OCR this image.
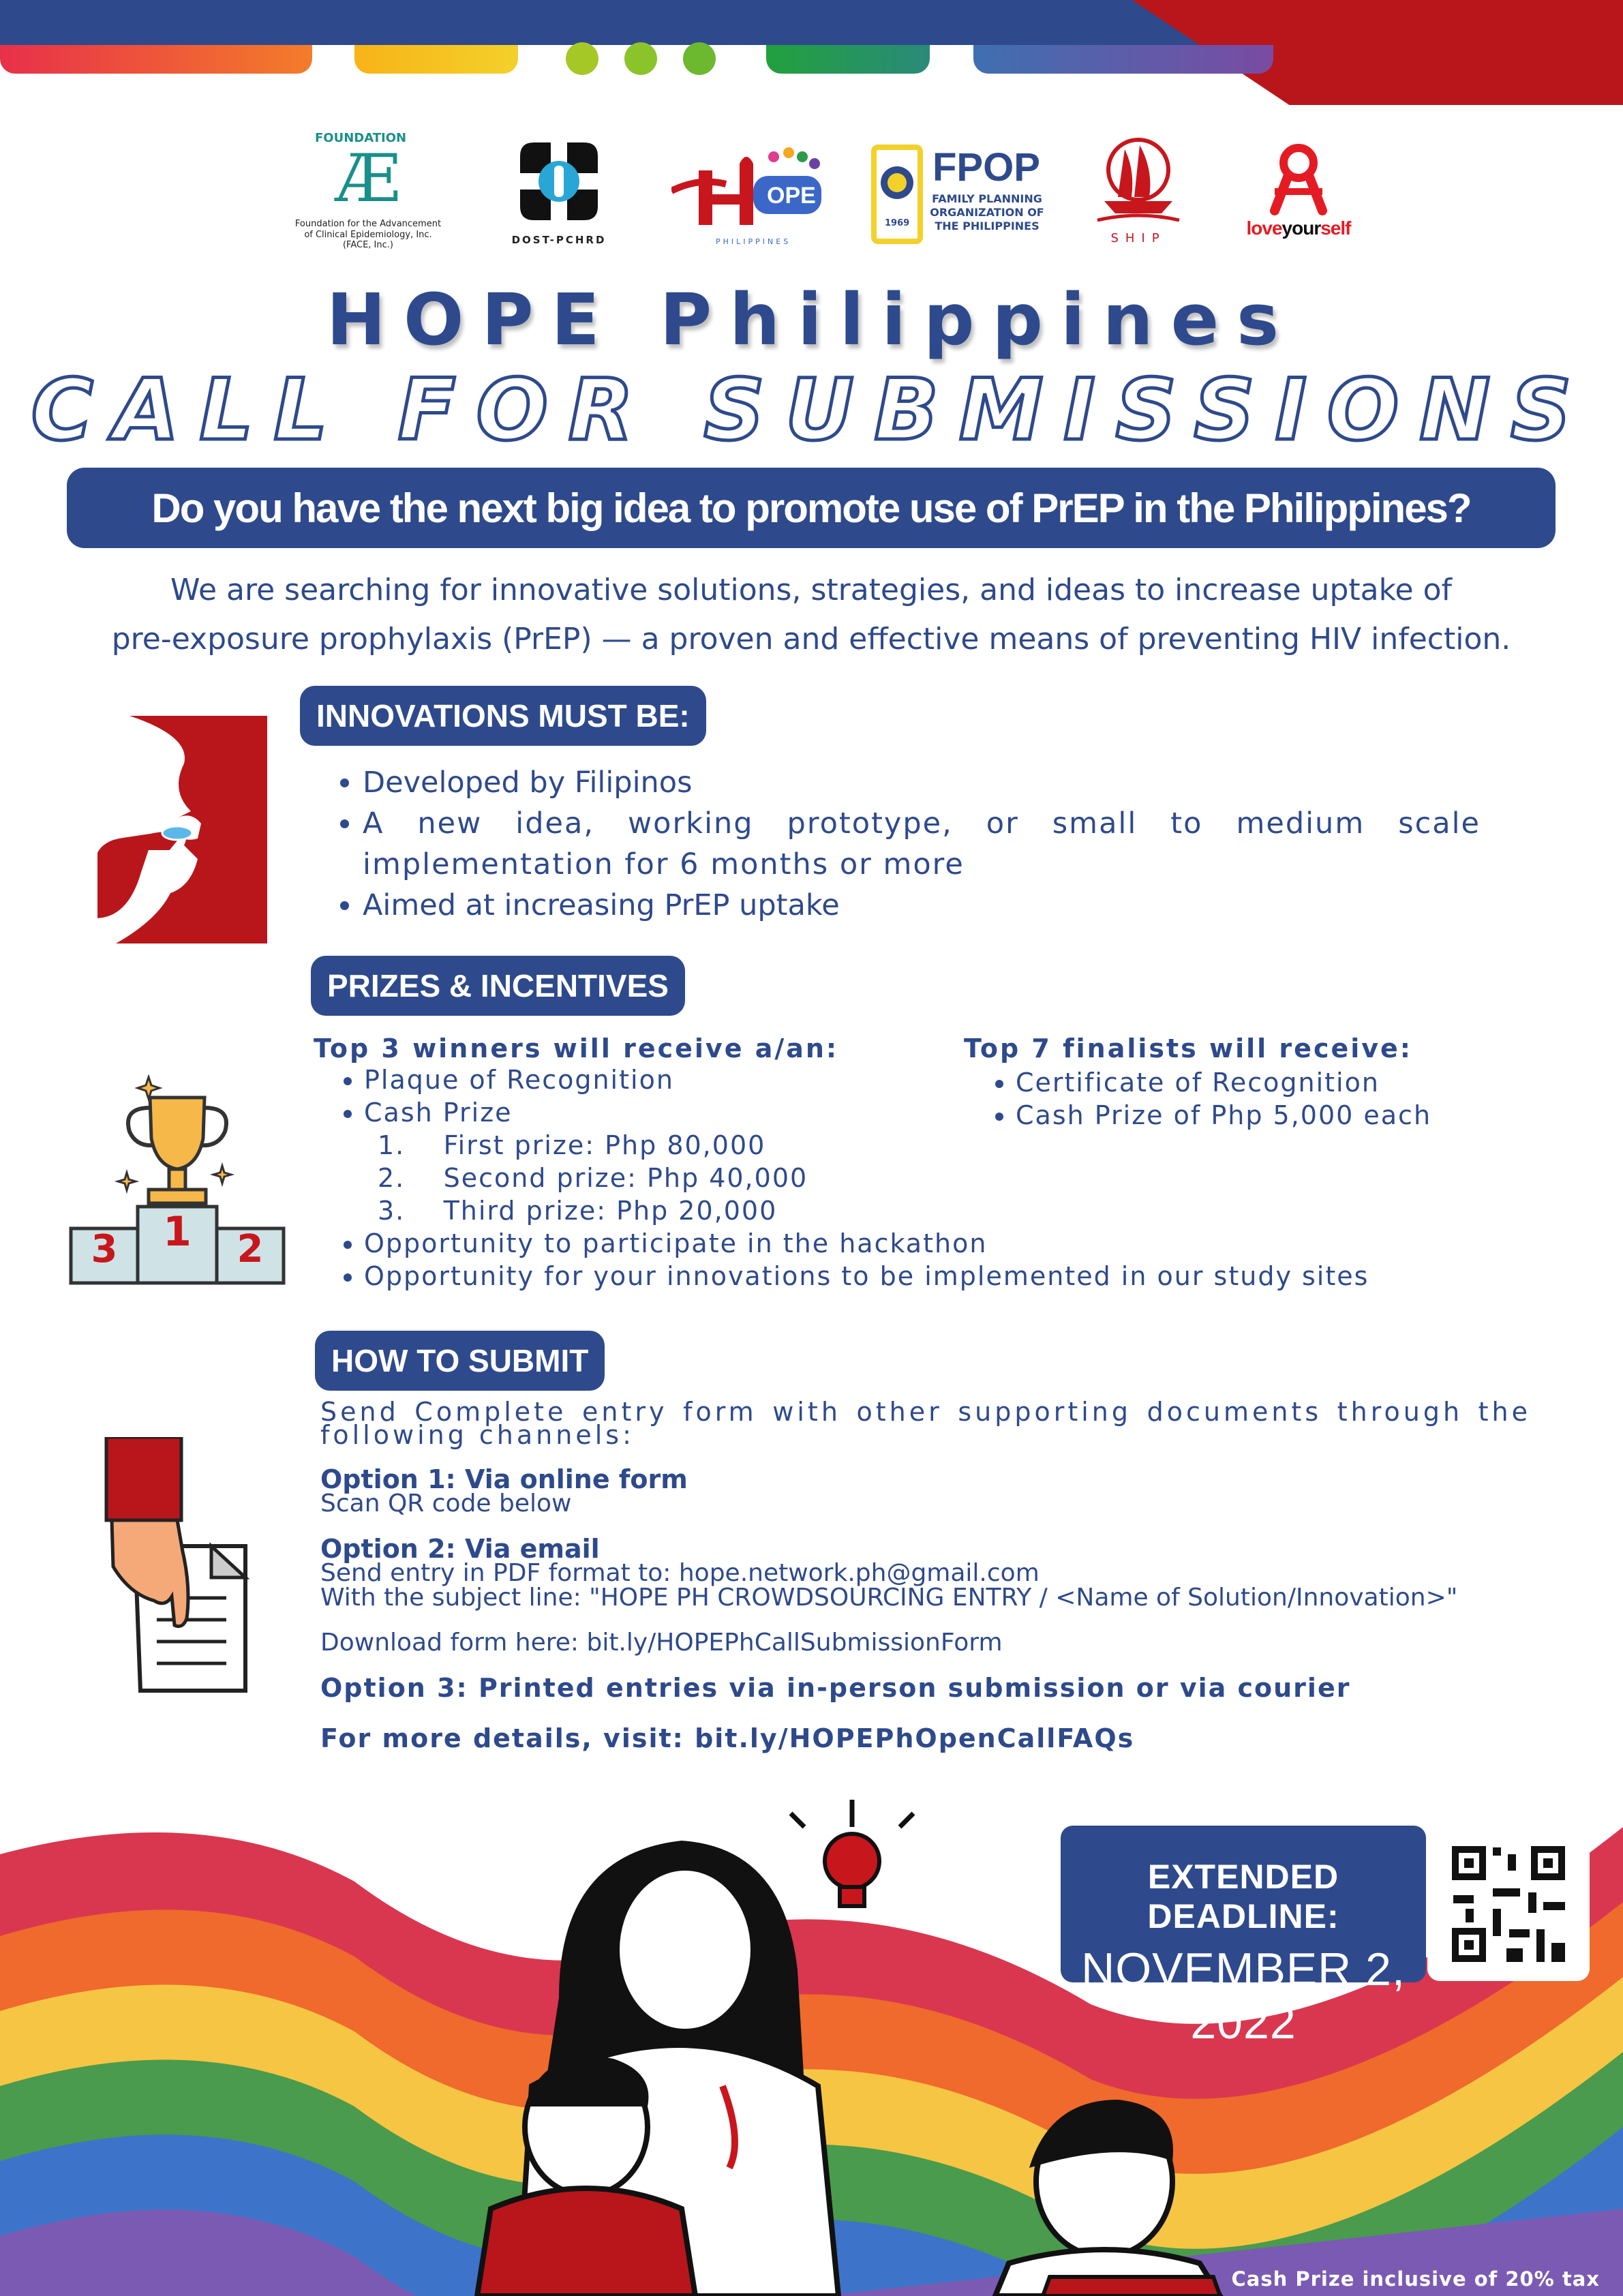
FOUNDATION
Æ
Foundation for the Advancement of Clinical Epidemiology, Inc. (FACE, Inc.)	DOST-PCHRD
OPE
PHILIPPINES
1969
FPOP
FAMILY PLANNING ORGANIZATION OF THE PHILIPPINES
SHIP	loveyourself
HOPE Philippines
CALL FOR SUBMISSIONS
Do you have the next big idea to promote use of PrEP in the Philippines?
We are searching for innovative solutions, strategies, and ideas to increase uptake of
pre-exposure prophylaxis (PrEP) — a proven and effective means of preventing HIV infection.
INNOVATIONS MUST BE:
• Developed by Filipinos
• A new idea, working prototype, or small to medium scale implementation for 6 months or more
• Aimed at increasing PrEP uptake
3	1	2
PRIZES & INCENTIVES
Top 3 winners will receive a/an:
• Plaque of Recognition
• Cash Prize
1.    First prize: Php 80,000
2.    Second prize: Php 40,000
3.    Third prize: Php 20,000
• Opportunity to participate in the hackathon
• Opportunity for your innovations to be implemented in our study sites
Top 7 finalists will receive:
• Certificate of Recognition
• Cash Prize of Php 5,000 each
HOW TO SUBMIT
Send Complete entry form with other supporting documents through the following channels:
Option 1: Via online form
Scan QR code below
Option 2: Via email
Send entry in PDF format to: hope.network.ph@gmail.com
With the subject line: "HOPE PH CROWDSOURCING ENTRY / <Name of Solution/Innovation>"
Download form here: bit.ly/HOPEPhCallSubmissionForm
Option 3: Printed entries via in-person submission or via courier
For more details, visit: bit.ly/HOPEPhOpenCallFAQs
EXTENDED DEADLINE:
NOVEMBER 2, 2022
Cash Prize inclusive of 20% tax
